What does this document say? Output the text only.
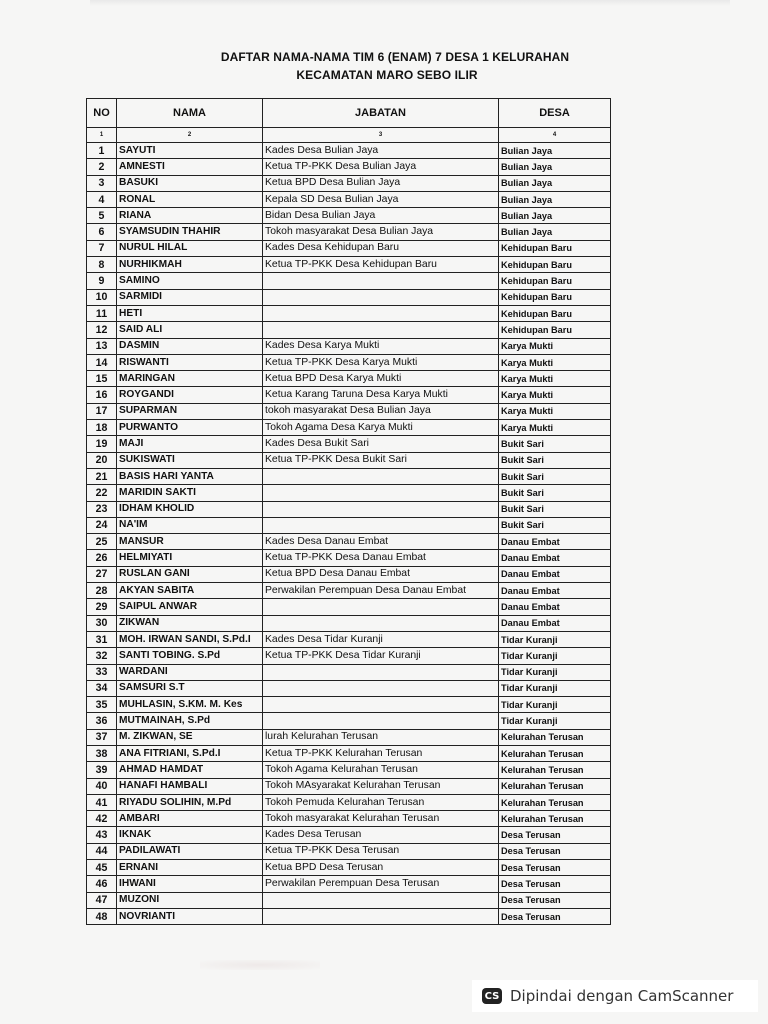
DAFTAR NAMA-NAMA TIM 6 (ENAM) 7 DESA 1 KELURAHAN
KECAMATAN MARO SEBO ILIR
NO	NAMA	JABATAN	DESA
1	2	3	4
1	SAYUTI	Kades Desa Bulian Jaya	Bulian Jaya
2	AMNESTI	Ketua TP-PKK Desa Bulian Jaya	Bulian Jaya
3	BASUKI	Ketua BPD Desa Bulian Jaya	Bulian Jaya
4	RONAL	Kepala SD Desa Bulian Jaya	Bulian Jaya
5	RIANA	Bidan Desa Bulian Jaya	Bulian Jaya
6	SYAMSUDIN THAHIR	Tokoh masyarakat Desa Bulian Jaya	Bulian Jaya
7	NURUL HILAL	Kades Desa Kehidupan Baru	Kehidupan Baru
8	NURHIKMAH	Ketua TP-PKK Desa Kehidupan Baru	Kehidupan Baru
9	SAMINO		Kehidupan Baru
10	SARMIDI		Kehidupan Baru
11	HETI		Kehidupan Baru
12	SAID ALI		Kehidupan Baru
13	DASMIN	Kades Desa Karya Mukti	Karya Mukti
14	RISWANTI	Ketua TP-PKK Desa Karya Mukti	Karya Mukti
15	MARINGAN	Ketua BPD Desa Karya Mukti	Karya Mukti
16	ROYGANDI	Ketua Karang Taruna Desa Karya Mukti	Karya Mukti
17	SUPARMAN	tokoh masyarakat Desa Bulian Jaya	Karya Mukti
18	PURWANTO	Tokoh Agama Desa Karya Mukti	Karya Mukti
19	MAJI	Kades Desa Bukit Sari	Bukit Sari
20	SUKISWATI	Ketua TP-PKK Desa Bukit Sari	Bukit Sari
21	BASIS HARI YANTA		Bukit Sari
22	MARIDIN SAKTI		Bukit Sari
23	IDHAM KHOLID		Bukit Sari
24	NA'IM		Bukit Sari
25	MANSUR	Kades Desa Danau Embat	Danau Embat
26	HELMIYATI	Ketua TP-PKK Desa Danau Embat	Danau Embat
27	RUSLAN GANI	Ketua BPD Desa Danau Embat	Danau Embat
28	AKYAN SABITA	Perwakilan Perempuan Desa Danau Embat	Danau Embat
29	SAIPUL ANWAR		Danau Embat
30	ZIKWAN		Danau Embat
31	MOH. IRWAN SANDI, S.Pd.I	Kades Desa Tidar Kuranji	Tidar Kuranji
32	SANTI TOBING. S.Pd	Ketua TP-PKK Desa Tidar Kuranji	Tidar Kuranji
33	WARDANI		Tidar Kuranji
34	SAMSURI S.T		Tidar Kuranji
35	MUHLASIN, S.KM. M. Kes		Tidar Kuranji
36	MUTMAINAH, S.Pd		Tidar Kuranji
37	M. ZIKWAN, SE	lurah Kelurahan Terusan	Kelurahan Terusan
38	ANA FITRIANI, S.Pd.I	Ketua TP-PKK Kelurahan Terusan	Kelurahan Terusan
39	AHMAD HAMDAT	Tokoh Agama Kelurahan Terusan	Kelurahan Terusan
40	HANAFI HAMBALI	Tokoh MAsyarakat Kelurahan Terusan	Kelurahan Terusan
41	RIYADU SOLIHIN, M.Pd	Tokoh Pemuda Kelurahan Terusan	Kelurahan Terusan
42	AMBARI	Tokoh masyarakat Kelurahan Terusan	Kelurahan Terusan
43	IKNAK	Kades Desa Terusan	Desa Terusan
44	PADILAWATI	Ketua TP-PKK Desa Terusan	Desa Terusan
45	ERNANI	Ketua BPD Desa Terusan	Desa Terusan
46	IHWANI	Perwakilan Perempuan Desa Terusan	Desa Terusan
47	MUZONI		Desa Terusan
48	NOVRIANTI		Desa Terusan
CS Dipindai dengan CamScanner
